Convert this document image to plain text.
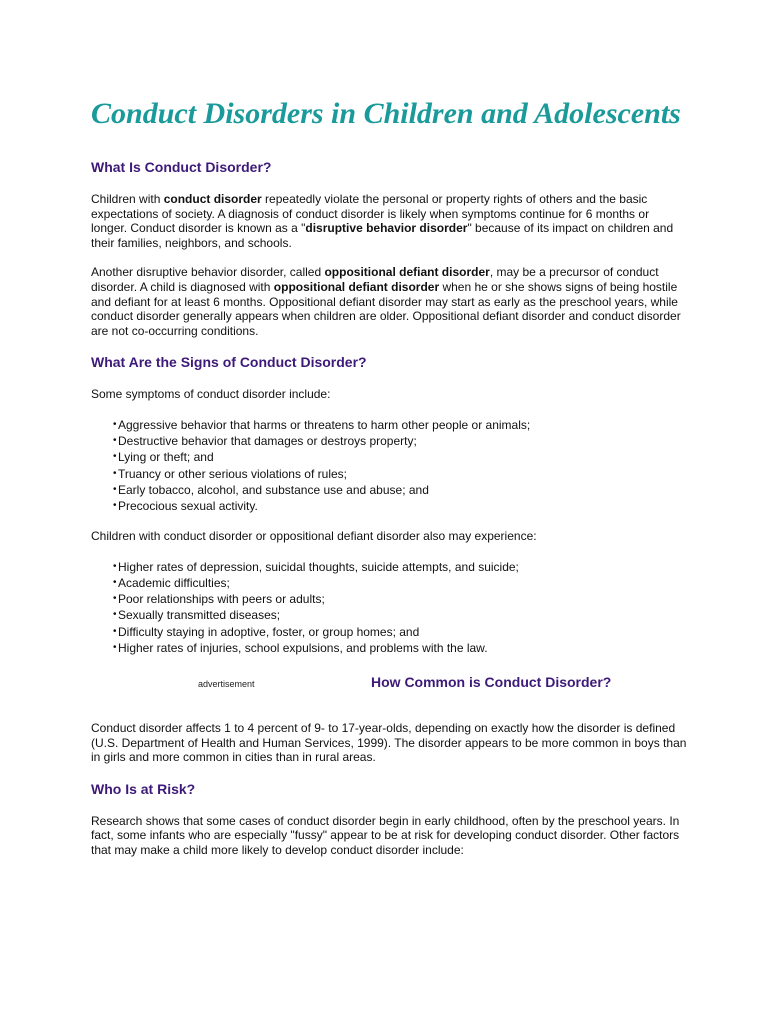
Conduct Disorders in Children and Adolescents
What Is Conduct Disorder?

Children with conduct disorder repeatedly violate the personal or property rights of others and the basic expectations of society. A diagnosis of conduct disorder is likely when symptoms continue for 6 months or longer. Conduct disorder is known as a "disruptive behavior disorder" because of its impact on children and their families, neighbors, and schools.

Another disruptive behavior disorder, called oppositional defiant disorder, may be a precursor of conduct disorder. A child is diagnosed with oppositional defiant disorder when he or she shows signs of being hostile and defiant for at least 6 months. Oppositional defiant disorder may start as early as the preschool years, while conduct disorder generally appears when children are older. Oppositional defiant disorder and conduct disorder are not co-occurring conditions.

What Are the Signs of Conduct Disorder?

Some symptoms of conduct disorder include:

• Aggressive behavior that harms or threatens to harm other people or animals;
• Destructive behavior that damages or destroys property;
• Lying or theft; and
• Truancy or other serious violations of rules;
• Early tobacco, alcohol, and substance use and abuse; and
• Precocious sexual activity.

Children with conduct disorder or oppositional defiant disorder also may experience:

• Higher rates of depression, suicidal thoughts, suicide attempts, and suicide;
• Academic difficulties;
• Poor relationships with peers or adults;
• Sexually transmitted diseases;
• Difficulty staying in adoptive, foster, or group homes; and
• Higher rates of injuries, school expulsions, and problems with the law.
advertisement	How Common is Conduct Disorder?

Conduct disorder affects 1 to 4 percent of 9- to 17-year-olds, depending on exactly how the disorder is defined (U.S. Department of Health and Human Services, 1999). The disorder appears to be more common in boys than in girls and more common in cities than in rural areas.

Who Is at Risk?

Research shows that some cases of conduct disorder begin in early childhood, often by the preschool years. In fact, some infants who are especially "fussy" appear to be at risk for developing conduct disorder. Other factors that may make a child more likely to develop conduct disorder include:
